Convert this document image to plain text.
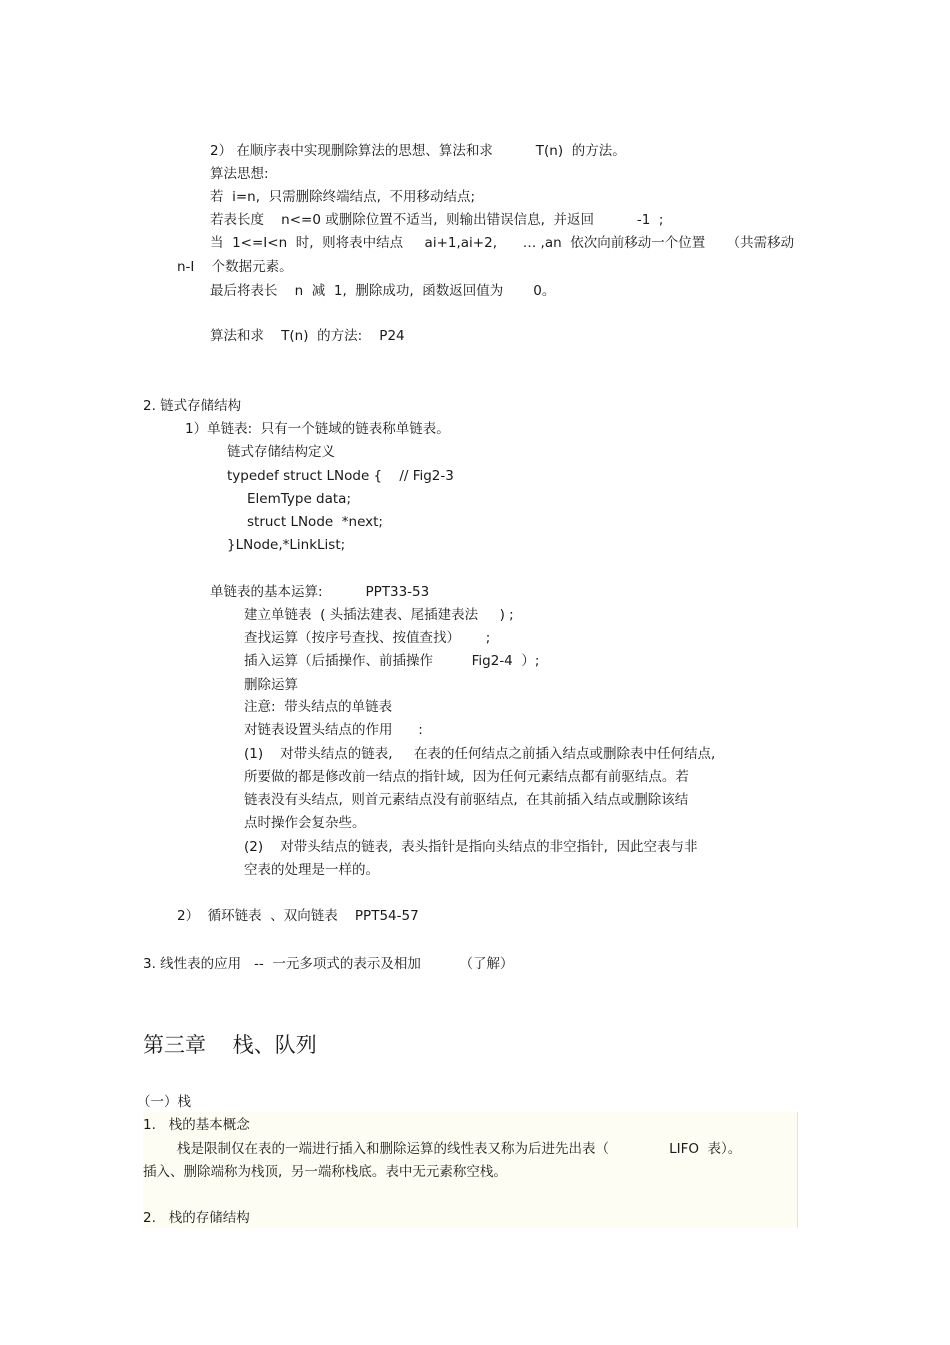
2） 在顺序表中实现删除算法的思想、算法和求          T(n)  的方法。
算法思想:
若  i=n,  只需删除终端结点,  不用移动结点;
若表长度    n<=0 或删除位置不适当,  则输出错误信息,  并返回          -1  ;
当  1<=I<n  时,  则将表中结点     ai+1,ai+2,      … ,an  依次向前移动一个位置     （共需移动
n-I    个数据元素。
最后将表长    n  减  1,  删除成功,  函数返回值为       0。
算法和求    T(n)  的方法:    P24
2. 链式存储结构
1）单链表:  只有一个链域的链表称单链表。
链式存储结构定义
typedef struct LNode {    // Fig2-3
ElemType data;
struct LNode  *next;
}LNode,*LinkList;
单链表的基本运算:          PPT33-53
建立单链表  ( 头插法建表、尾插建表法     ) ;
查找运算（按序号查找、按值查找）      ;
插入运算（后插操作、前插操作         Fig2-4  ）;
删除运算
注意:  带头结点的单链表
对链表设置头结点的作用      :
(1)    对带头结点的链表,     在表的任何结点之前插入结点或删除表中任何结点,
所要做的都是修改前一结点的指针域,  因为任何元素结点都有前驱结点。若
链表没有头结点,  则首元素结点没有前驱结点,  在其前插入结点或删除该结
点时操作会复杂些。
(2)    对带头结点的链表,  表头指针是指向头结点的非空指针,  因此空表与非
空表的处理是一样的。
2）  循环链表  、双向链表    PPT54-57
3. 线性表的应用   --  一元多项式的表示及相加         （了解）
第三章    栈、队列
（一）栈
1.   栈的基本概念
栈是限制仅在表的一端进行插入和删除运算的线性表又称为后进先出表（              LIFO  表）。
插入、删除端称为栈顶,  另一端称栈底。表中无元素称空栈。
2.   栈的存储结构
